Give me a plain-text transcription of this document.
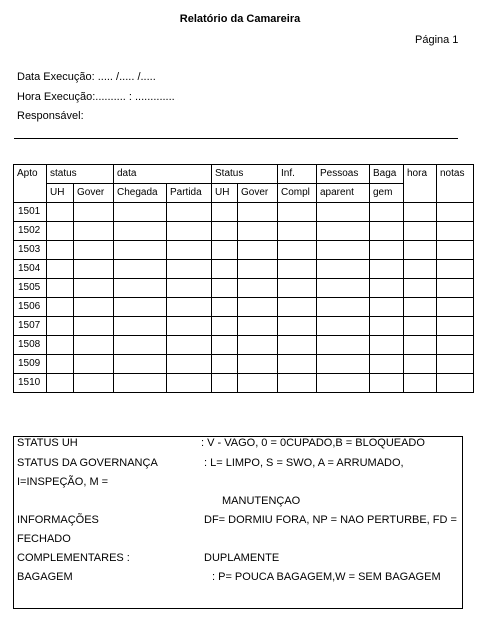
Relatório da Camareira
Página 1
Data Execução: ..... /..... /.....
Hora Execução:.......... : .............
Responsável:
Apto	status		data		Status		Inf.	Pessoas	Baga	hora	notas
	UH	Gover	Chegada	Partida	UH	Gover	Compl	aparent	gem		
1501											
1502											
1503											
1504											
1505											
1506											
1507											
1508											
1509											
1510											
STATUS UH	: V - VAGO, 0 = 0CUPADO,B = BLOQUEADO
STATUS DA GOVERNANÇA	: L= LIMPO, S = SWO, A = ARRUMADO,
I=INSPEÇÃO, M =
MANUTENÇAO
INFORMAÇÕES	DF= DORMIU FORA, NP = NAO PERTURBE, FD =
FECHADO
COMPLEMENTARES :	DUPLAMENTE
BAGAGEM	: P= POUCA BAGAGEM,W = SEM BAGAGEM
